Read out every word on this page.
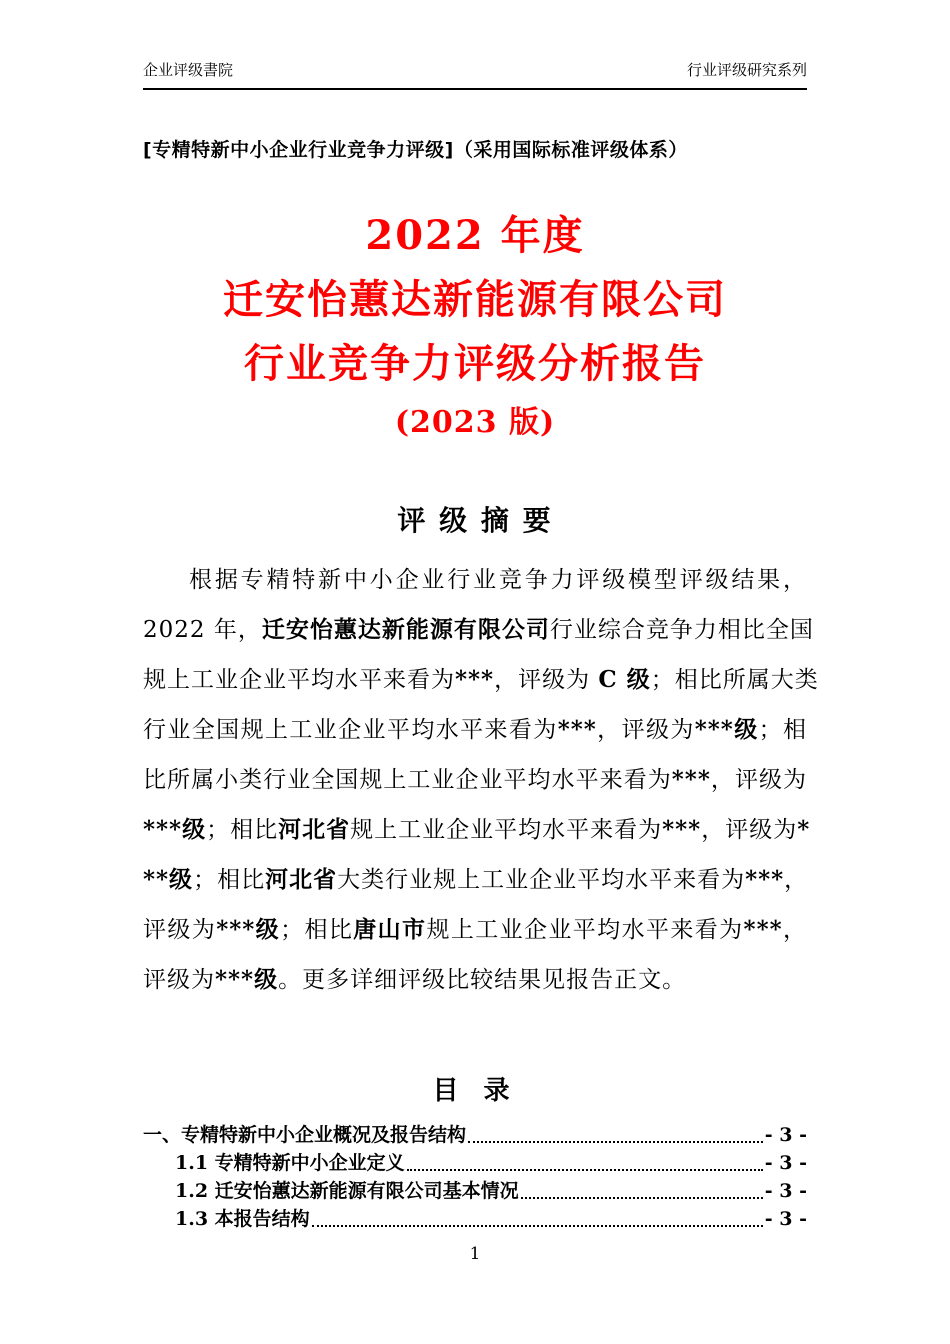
企业评级書院	行业评级研究系列
[专精特新中小企业行业竞争力评级]（采用国际标准评级体系）
2022 年度
迁安怡蕙达新能源有限公司
行业竞争力评级分析报告
(2023 版)
评 级 摘 要
根据专精特新中小企业行业竞争力评级模型评级结果，
2022 年，迁安怡蕙达新能源有限公司行业综合竞争力相比全国
规上工业企业平均水平来看为***，评级为 C 级；相比所属大类
行业全国规上工业企业平均水平来看为***，评级为***级；相
比所属小类行业全国规上工业企业平均水平来看为***，评级为
***级；相比河北省规上工业企业平均水平来看为***，评级为*
**级；相比河北省大类行业规上工业企业平均水平来看为***，
评级为***级；相比唐山市规上工业企业平均水平来看为***，
评级为***级。更多详细评级比较结果见报告正文。
目 录
一、专精特新中小企业概况及报告结构	- 3 -
1.1 专精特新中小企业定义	- 3 -
1.2 迁安怡蕙达新能源有限公司基本情况	- 3 -
1.3 本报告结构	- 3 -
1
